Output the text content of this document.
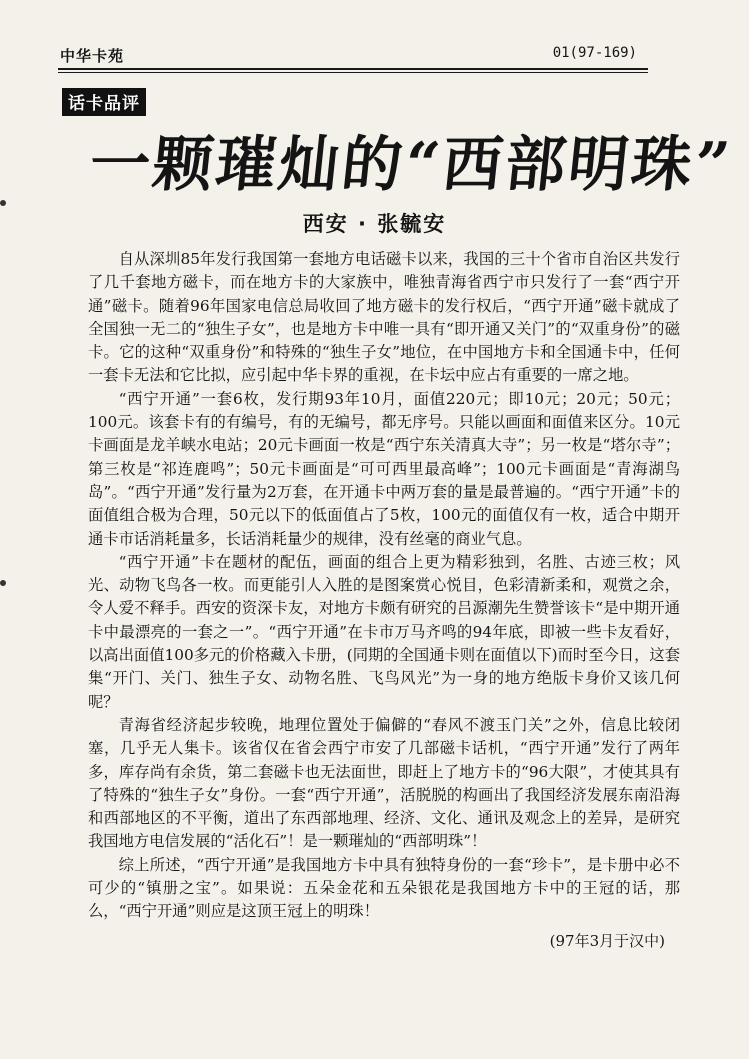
中华卡苑	01(97-169)
话卡品评
一颗璀灿的“西部明珠”
西安 · 张毓安

自从深圳85年发行我国第一套地方电话磁卡以来，我国的三十个省市自治区共发行了几千套地方磁卡，而在地方卡的大家族中，唯独青海省西宁市只发行了一套“西宁开通”磁卡。随着96年国家电信总局收回了地方磁卡的发行权后，“西宁开通”磁卡就成了全国独一无二的“独生子女”，也是地方卡中唯一具有“即开通又关门”的“双重身份”的磁卡。它的这种“双重身份”和特殊的“独生子女”地位，在中国地方卡和全国通卡中，任何一套卡无法和它比拟，应引起中华卡界的重视，在卡坛中应占有重要的一席之地。

“西宁开通”一套6枚，发行期93年10月，面值220元；即10元；20元；50元；100元。该套卡有的有编号，有的无编号，都无序号。只能以画面和面值来区分。10元卡画面是龙羊峡水电站；20元卡画面一枚是“西宁东关清真大寺”；另一枚是“塔尔寺”；第三枚是“祁连鹿鸣”；50元卡画面是“可可西里最高峰”；100元卡画面是“青海湖鸟岛”。“西宁开通”发行量为2万套，在开通卡中两万套的量是最普遍的。“西宁开通”卡的面值组合极为合理，50元以下的低面值占了5枚，100元的面值仅有一枚，适合中期开通卡市话消耗量多，长话消耗量少的规律，没有丝毫的商业气息。

“西宁开通”卡在题材的配伍，画面的组合上更为精彩独到，名胜、古迹三枚；风光、动物飞鸟各一枚。而更能引人入胜的是图案赏心悦目，色彩清新柔和，观赏之余，令人爱不释手。西安的资深卡友，对地方卡颇有研究的吕源潮先生赞誉该卡“是中期开通卡中最漂亮的一套之一”。“西宁开通”在卡市万马齐鸣的94年底，即被一些卡友看好，以高出面值100多元的价格藏入卡册，(同期的全国通卡则在面值以下)而时至今日，这套集“开门、关门、独生子女、动物名胜、飞鸟风光”为一身的地方绝版卡身价又该几何呢？

青海省经济起步较晚，地理位置处于偏僻的“春风不渡玉门关”之外，信息比较闭塞，几乎无人集卡。该省仅在省会西宁市安了几部磁卡话机，“西宁开通”发行了两年多，库存尚有余货，第二套磁卡也无法面世，即赶上了地方卡的“96大限”，才使其具有了特殊的“独生子女”身份。一套“西宁开通”，活脱脱的构画出了我国经济发展东南沿海和西部地区的不平衡，道出了东西部地理、经济、文化、通讯及观念上的差异，是研究我国地方电信发展的“活化石”！是一颗璀灿的“西部明珠”！

综上所述，“西宁开通”是我国地方卡中具有独特身份的一套“珍卡”，是卡册中必不可少的“镇册之宝”。如果说：五朵金花和五朵银花是我国地方卡中的王冠的话，那么，“西宁开通”则应是这顶王冠上的明珠！

(97年3月于汉中)
